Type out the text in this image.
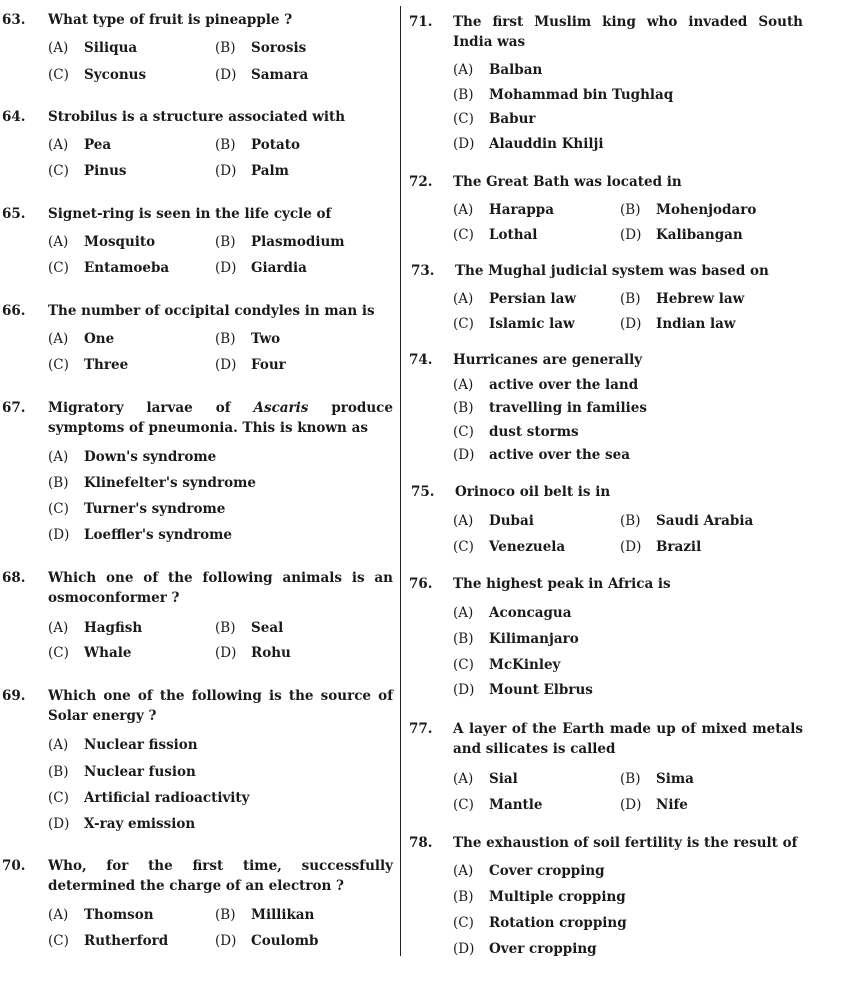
63. What type of fruit is pineapple ?
(A) Siliqua	(B) Sorosis
(C) Syconus	(D) Samara
64. Strobilus is a structure associated with
(A) Pea	(B) Potato
(C) Pinus	(D) Palm
65. Signet-ring is seen in the life cycle of
(A) Mosquito	(B) Plasmodium
(C) Entamoeba	(D) Giardia
66. The number of occipital condyles in man is
(A) One	(B) Two
(C) Three	(D) Four
67. Migratory larvae of Ascaris produce symptoms of pneumonia. This is known as
(A) Down's syndrome
(B) Klinefelter's syndrome
(C) Turner's syndrome
(D) Loeffler's syndrome
68. Which one of the following animals is an osmoconformer ?
(A) Hagfish	(B) Seal
(C) Whale	(D) Rohu
69. Which one of the following is the source of Solar energy ?
(A) Nuclear fission
(B) Nuclear fusion
(C) Artificial radioactivity
(D) X-ray emission
70. Who, for the first time, successfully determined the charge of an electron ?
(A) Thomson	(B) Millikan
(C) Rutherford	(D) Coulomb
71. The first Muslim king who invaded South India was
(A) Balban
(B) Mohammad bin Tughlaq
(C) Babur
(D) Alauddin Khilji
72. The Great Bath was located in
(A) Harappa	(B) Mohenjodaro
(C) Lothal	(D) Kalibangan
73. The Mughal judicial system was based on
(A) Persian law	(B) Hebrew law
(C) Islamic law	(D) Indian law
74. Hurricanes are generally
(A) active over the land
(B) travelling in families
(C) dust storms
(D) active over the sea
75. Orinoco oil belt is in
(A) Dubai	(B) Saudi Arabia
(C) Venezuela	(D) Brazil
76. The highest peak in Africa is
(A) Aconcagua
(B) Kilimanjaro
(C) McKinley
(D) Mount Elbrus
77. A layer of the Earth made up of mixed metals and silicates is called
(A) Sial	(B) Sima
(C) Mantle	(D) Nife
78. The exhaustion of soil fertility is the result of
(A) Cover cropping
(B) Multiple cropping
(C) Rotation cropping
(D) Over cropping
